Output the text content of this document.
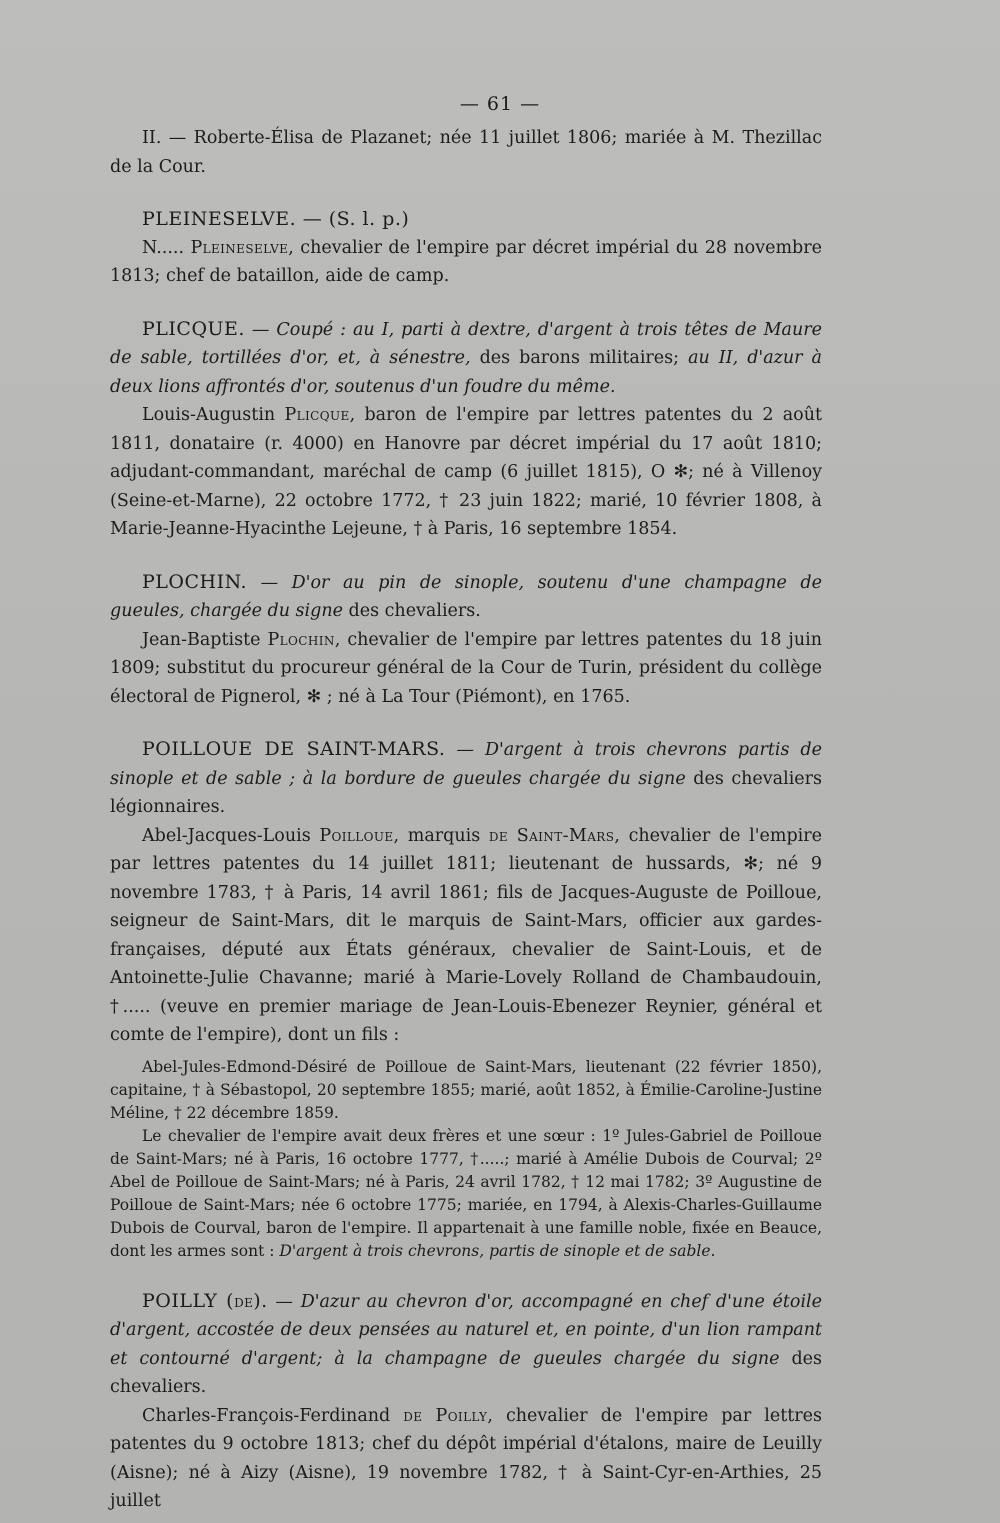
— 61 —

II. — Roberte-Élisa de Plazanet; née 11 juillet 1806; mariée à M. Thezillac de la Cour.

PLEINESELVE. — (S. l. p.)

N..... Pleineselve, chevalier de l'empire par décret impérial du 28 novembre 1813; chef de bataillon, aide de camp.

PLICQUE. — Coupé : au I, parti à dextre, d'argent à trois têtes de Maure de sable, tortillées d'or, et, à sénestre, des barons militaires; au II, d'azur à deux lions affrontés d'or, soutenus d'un foudre du même.

Louis-Augustin Plicque, baron de l'empire par lettres patentes du 2 août 1811, donataire (r. 4000) en Hanovre par décret impérial du 17 août 1810; adjudant-commandant, maréchal de camp (6 juillet 1815), O ✻; né à Villenoy (Seine-et-Marne), 22 octobre 1772, † 23 juin 1822; marié, 10 février 1808, à Marie-Jeanne-Hyacinthe Lejeune, † à Paris, 16 septembre 1854.

PLOCHIN. — D'or au pin de sinople, soutenu d'une champagne de gueules, chargée du signe des chevaliers.

Jean-Baptiste Plochin, chevalier de l'empire par lettres patentes du 18 juin 1809; substitut du procureur général de la Cour de Turin, président du collège électoral de Pignerol, ✻ ; né à La Tour (Piémont), en 1765.

POILLOUE DE SAINT-MARS. — D'argent à trois chevrons partis de sinople et de sable ; à la bordure de gueules chargée du signe des chevaliers légionnaires.

Abel-Jacques-Louis Poilloue, marquis de Saint-Mars, chevalier de l'empire par lettres patentes du 14 juillet 1811; lieutenant de hussards, ✻; né 9 novembre 1783, † à Paris, 14 avril 1861; fils de Jacques-Auguste de Poilloue, seigneur de Saint-Mars, dit le marquis de Saint-Mars, officier aux gardes-françaises, député aux États généraux, chevalier de Saint-Louis, et de Antoinette-Julie Chavanne; marié à Marie-Lovely Rolland de Chambaudouin, †..... (veuve en premier mariage de Jean-Louis-Ebenezer Reynier, général et comte de l'empire), dont un fils :

Abel-Jules-Edmond-Désiré de Poilloue de Saint-Mars, lieutenant (22 février 1850), capitaine, † à Sébastopol, 20 septembre 1855; marié, août 1852, à Émilie-Caroline-Justine Méline, † 22 décembre 1859.

Le chevalier de l'empire avait deux frères et une sœur : 1º Jules-Gabriel de Poilloue de Saint-Mars; né à Paris, 16 octobre 1777, †.....; marié à Amélie Dubois de Courval; 2º Abel de Poilloue de Saint-Mars; né à Paris, 24 avril 1782, † 12 mai 1782; 3º Augustine de Poilloue de Saint-Mars; née 6 octobre 1775; mariée, en 1794, à Alexis-Charles-Guillaume Dubois de Courval, baron de l'empire. Il appartenait à une famille noble, fixée en Beauce, dont les armes sont : D'argent à trois chevrons, partis de sinople et de sable.

POILLY (de). — D'azur au chevron d'or, accompagné en chef d'une étoile d'argent, accostée de deux pensées au naturel et, en pointe, d'un lion rampant et contourné d'argent; à la champagne de gueules chargée du signe des chevaliers.

Charles-François-Ferdinand de Poilly, chevalier de l'empire par lettres patentes du 9 octobre 1813; chef du dépôt impérial d'étalons, maire de Leuilly (Aisne); né à Aizy (Aisne), 19 novembre 1782, † à Saint-Cyr-en-Arthies, 25 juillet
